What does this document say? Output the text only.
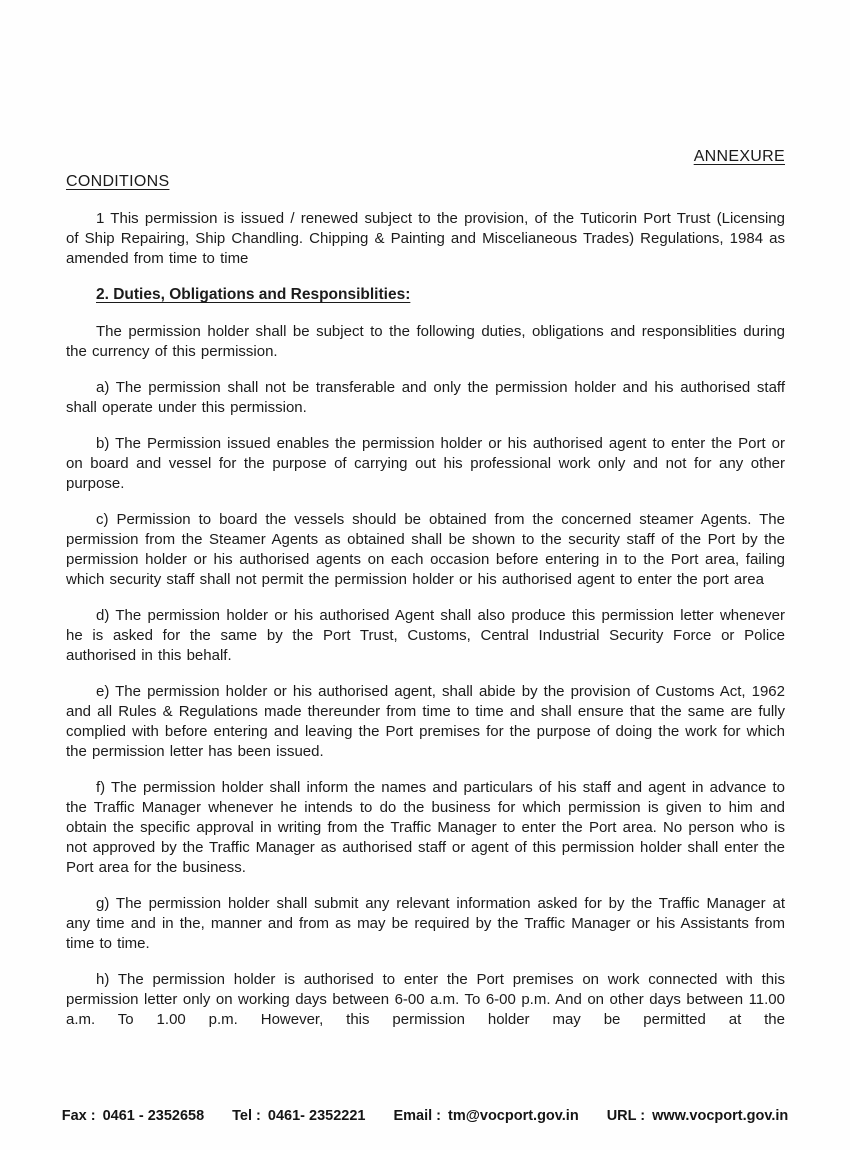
ANNEXURE
CONDITIONS

1 This permission is issued / renewed subject to the provision, of the Tuticorin Port Trust (Licensing of Ship Repairing, Ship Chandling. Chipping & Painting and Miscelianeous Trades) Regulations, 1984 as amended from time to time

2. Duties, Obligations and Responsiblities:

The permission holder shall be subject to the following duties, obligations and responsiblities during the currency of this permission.

a) The permission shall not be transferable and only the permission holder and his authorised staff shall operate under this permission.

b) The Permission issued enables the permission holder or his authorised agent to enter the Port or on board and vessel for the purpose of carrying out his professional work only and not for any other purpose.

c) Permission to board the vessels should be obtained from the concerned steamer Agents. The permission from the Steamer Agents as obtained shall be shown to the security staff of the Port by the permission holder or his authorised agents on each occasion before entering in to the Port area, failing which security staff shall not permit the permission holder or his authorised agent to enter the port area

d) The permission holder or his authorised Agent shall also produce this permission letter whenever he is asked for the same by the Port Trust, Customs, Central Industrial Security Force or Police authorised in this behalf.

e) The permission holder or his authorised agent, shall abide by the provision of Customs Act, 1962 and all Rules & Regulations made thereunder from time to time and shall ensure that the same are fully complied with before entering and leaving the Port premises for the purpose of doing the work for which the permission letter has been issued.

f) The permission holder shall inform the names and particulars of his staff and agent in advance to the Traffic Manager whenever he intends to do the business for which permission is given to him and obtain the specific approval in writing from the Traffic Manager to enter the Port area. No person who is not approved by the Traffic Manager as authorised staff or agent of this permission holder shall enter the Port area for the business.

g) The permission holder shall submit any relevant information asked for by the Traffic Manager at any time and in the, manner and from as may be required by the Traffic Manager or his Assistants from time to time.

h) The permission holder is authorised to enter the Port premises on work connected with this permission letter only on working days between 6-00 a.m. To 6-00 p.m. And on other days between 11.00 a.m. To 1.00 p.m. However, this permission holder may be permitted at the

Fax : 0461 - 2352658 Tel : 0461- 2352221 Email : tm@vocport.gov.in URL : www.vocport.gov.in
